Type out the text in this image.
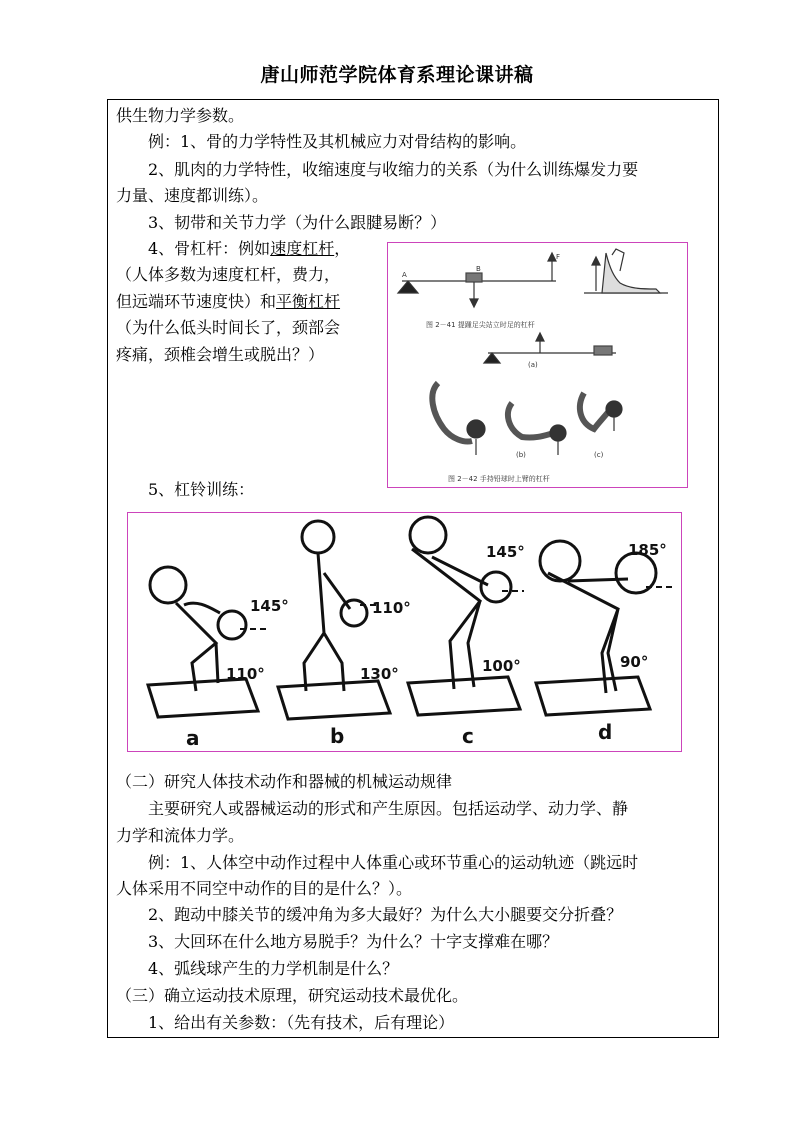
唐山师范学院体育系理论课讲稿
供生物力学参数。
例：1、骨的力学特性及其机械应力对骨结构的影响。
2、肌肉的力学特性，收缩速度与收缩力的关系（为什么训练爆发力要
力量、速度都训练）。
3、韧带和关节力学（为什么跟腱易断？）
4、骨杠杆：例如速度杠杆，
（人体多数为速度杠杆，费力，
但远端环节速度快）和平衡杠杆
（为什么低头时间长了，颈部会
疼痛，颈椎会增生或脱出？）
A
B
F
(a)
(b)	(c)
图 2－41 提踵足尖站立时足的杠杆
图 2－42 手持铅球时上臂的杠杆
5、杠铃训练：
145°
110°
110°
130°
145°
100°
185°
90°
a	b	c	d
（二）研究人体技术动作和器械的机械运动规律
主要研究人或器械运动的形式和产生原因。包括运动学、动力学、静
力学和流体力学。
例：1、人体空中动作过程中人体重心或环节重心的运动轨迹（跳远时
人体采用不同空中动作的目的是什么？）。
2、跑动中膝关节的缓冲角为多大最好？为什么大小腿要交分折叠？
3、大回环在什么地方易脱手？为什么？十字支撑难在哪？
4、弧线球产生的力学机制是什么？
（三）确立运动技术原理，研究运动技术最优化。
1、给出有关参数：（先有技术，后有理论）
